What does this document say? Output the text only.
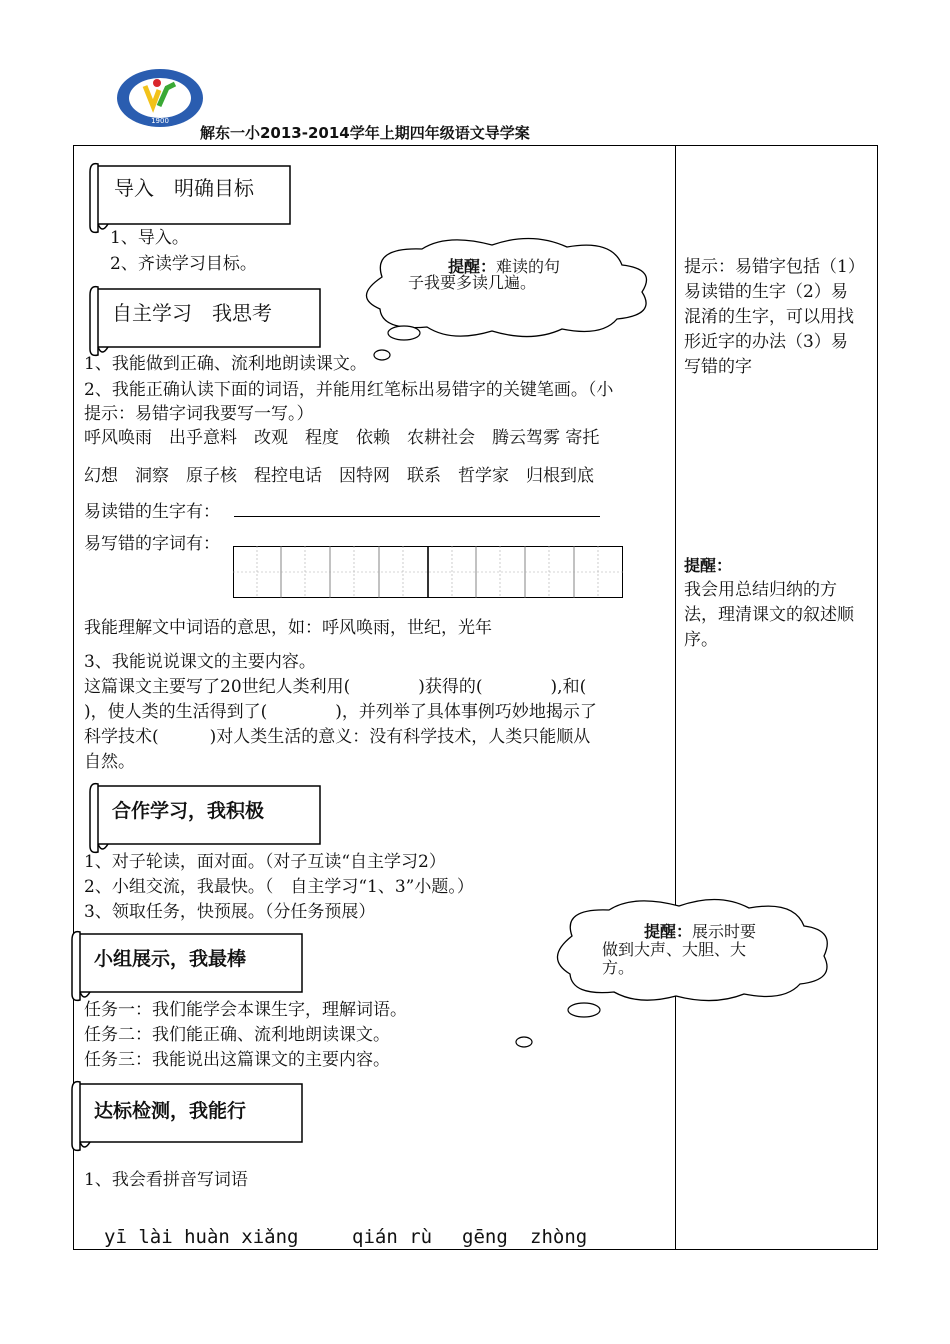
1900
解东一小2013-2014学年上期四年级语文导学案
导入　明确目标
1、导入。
2、齐读学习目标。	提醒：难读的句
子我要多读几遍。
提示：易错字包括（1）
易读错的生字（2）易
混淆的生字，可以用找
形近字的办法（3）易
写错的字
自主学习　我思考
1、我能做到正确、流利地朗读课文。
2、我能正确认读下面的词语，并能用红笔标出易错字的关键笔画。（小
提示：易错字词我要写一写。）
呼风唤雨　 出乎意料　 改观　 程度　 依赖　 农耕社会　 腾云驾雾 寄托
幻想　 洞察　 原子核　 程控电话　 因特网　 联系　 哲学家　 归根到底
易读错的生字有：
易写错的字词有：
提醒：
我会用总结归纳的方
法，理清课文的叙述顺
序。
我能理解文中词语的意思，如：呼风唤雨，世纪，光年
3、我能说说课文的主要内容。
这篇课文主要写了20世纪人类利用(　　　　)获得的(　　　　),和(
)，使人类的生活得到了(　　　　)，并列举了具体事例巧妙地揭示了
科学技术(　　　)对人类生活的意义：没有科学技术，人类只能顺从
自然。
合作学习，我积极
1、对子轮读，面对面。（对子互读“自主学习2）
2、小组交流，我最快。（　自主学习“1、3”小题。）
3、领取任务，快预展。（分任务预展）
提醒：展示时要
做到大声、大胆、大
方。
小组展示，我最棒
任务一：我们能学会本课生字，理解词语。
任务二：我们能正确、流利地朗读课文。
任务三：我能说出这篇课文的主要内容。
达标检测，我能行
1、我会看拼音写词语
yī lài huàn xiǎng	qián rù gēng zhòng
